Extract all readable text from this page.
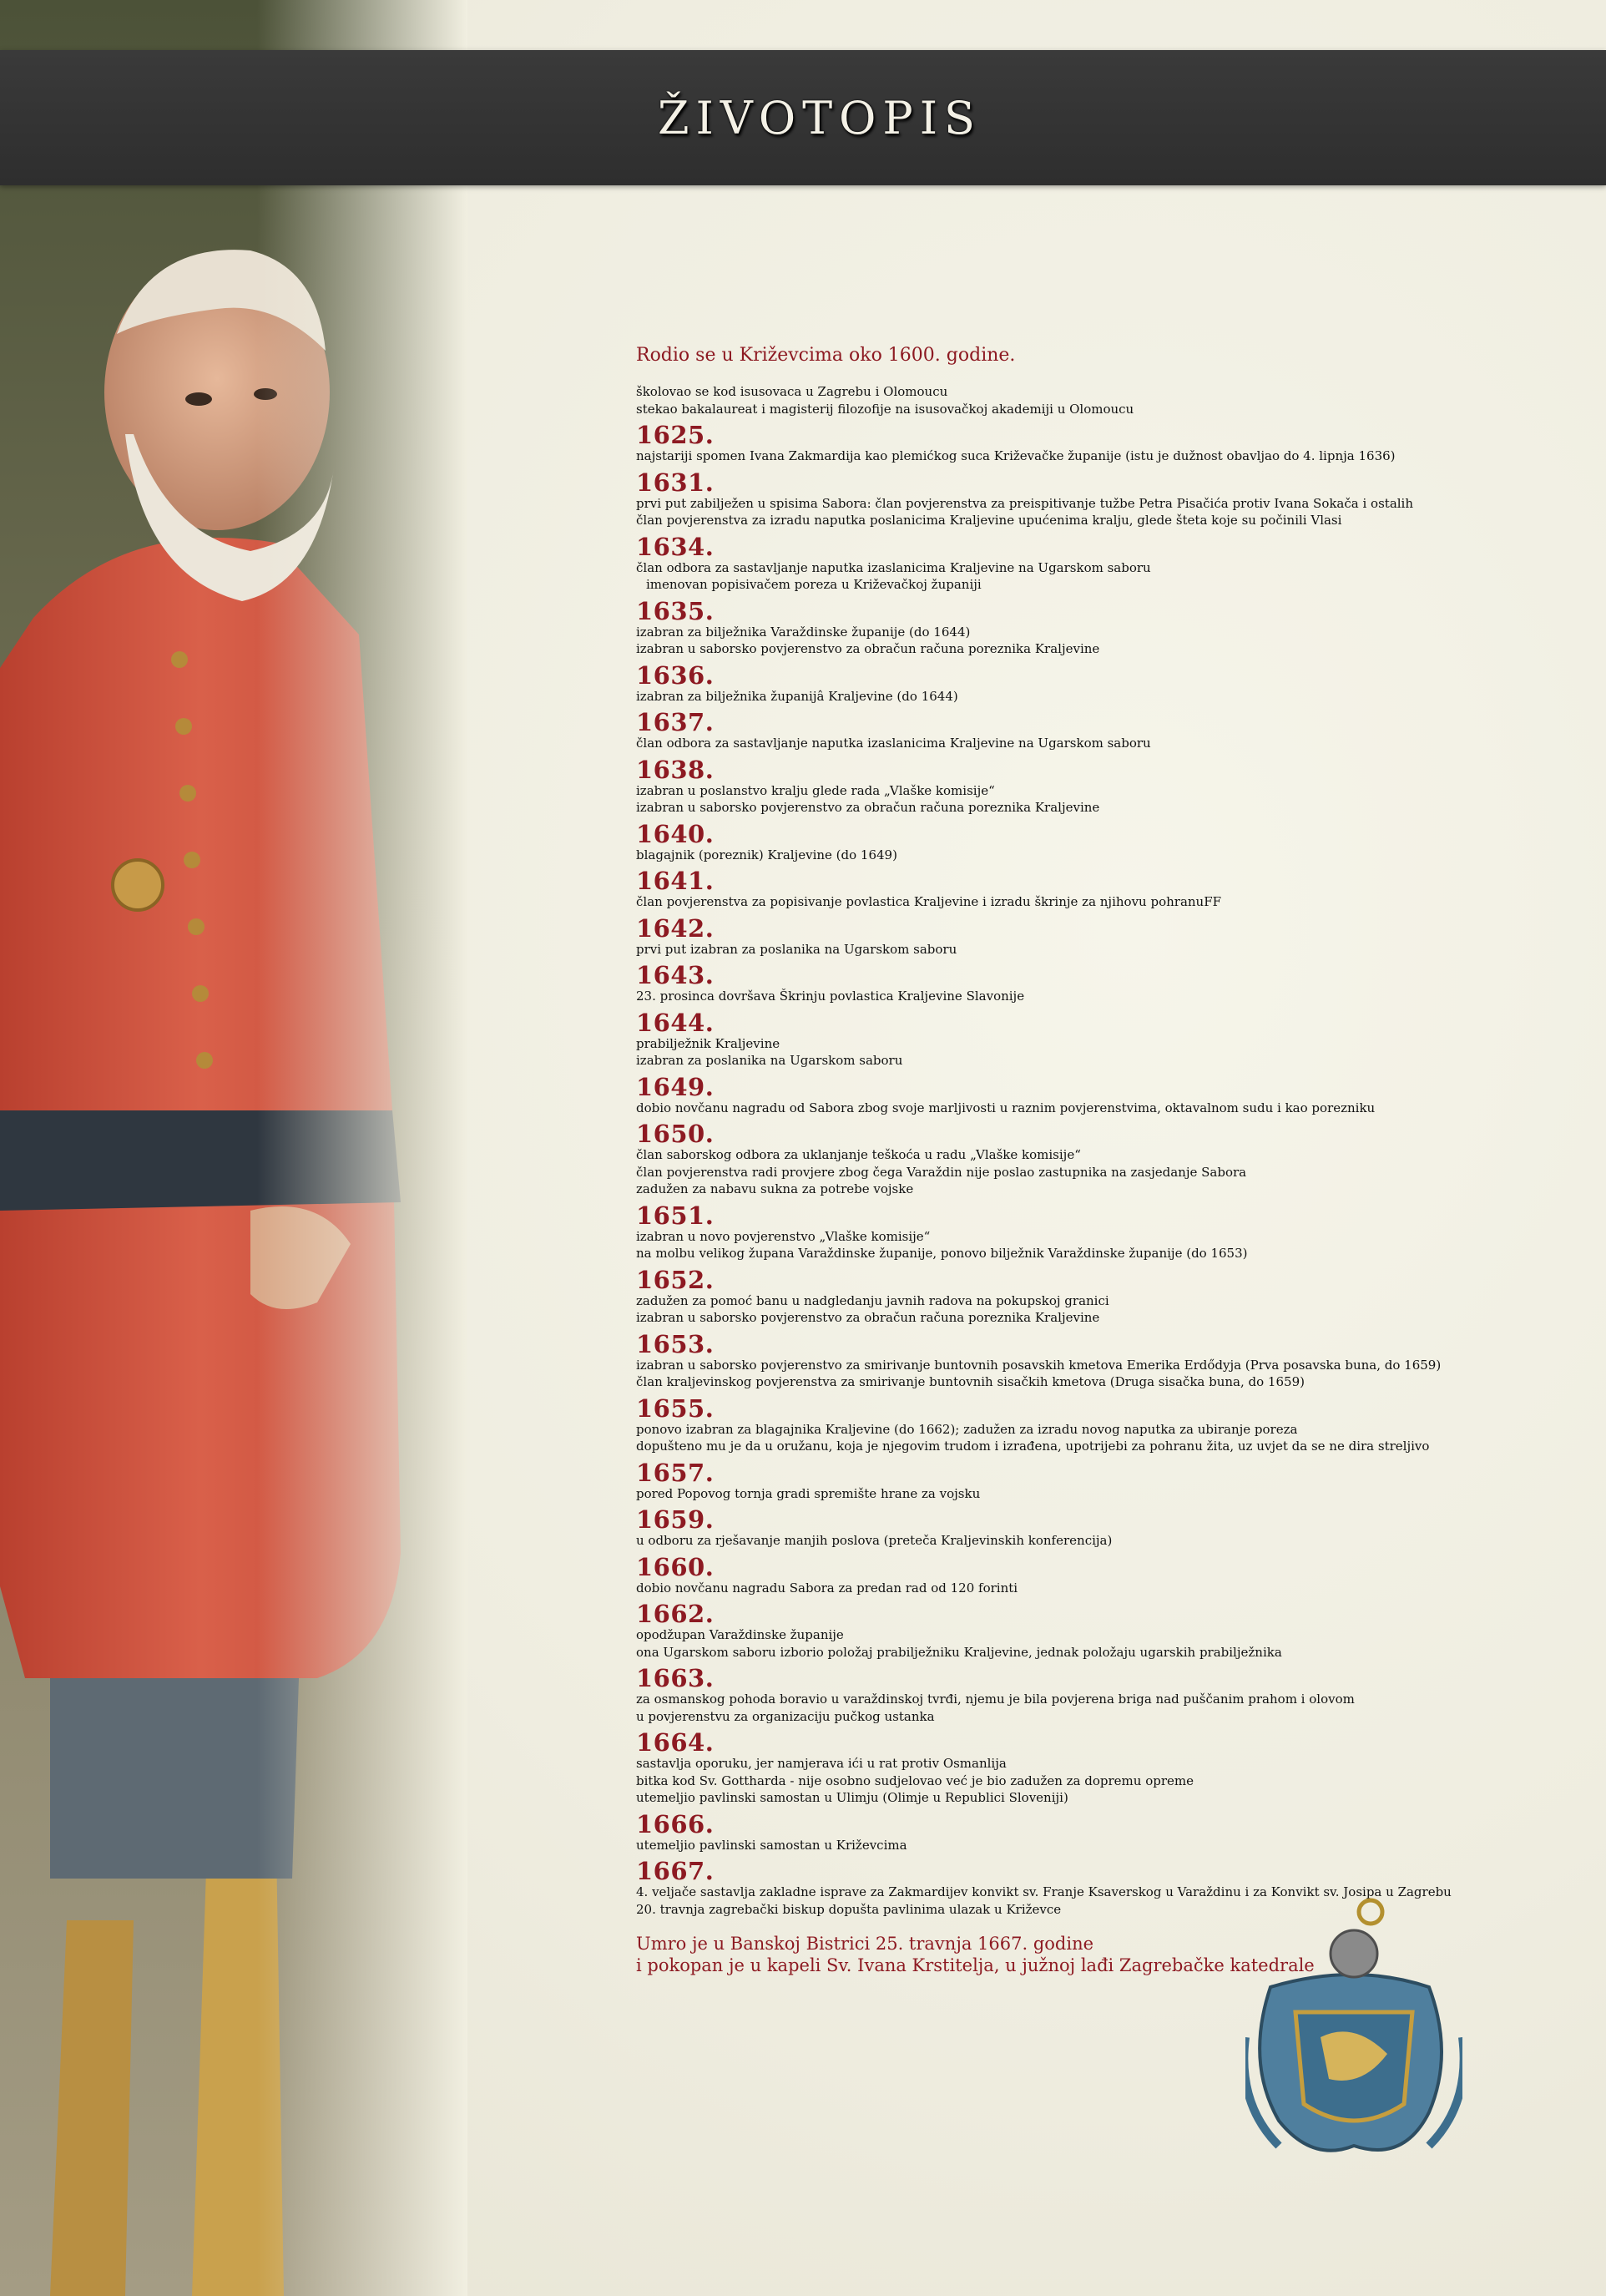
ŽIVOTOPIS
Rodio se u Križevcima oko 1600. godine.
školovao se kod isusovaca u Zagrebu i Olomoucu
stekao bakalaureat i magisterij filozofije na isusovačkoj akademiji u Olomoucu
1625.
najstariji spomen Ivana Zakmardija kao plemićkog suca Križevačke županije (istu je dužnost obavljao do 4. lipnja 1636)
1631.
prvi put zabilježen u spisima Sabora: član povjerenstva za preispitivanje tužbe Petra Pisačića protiv Ivana Sokača i ostalih
član povjerenstva za izradu naputka poslanicima Kraljevine upućenima kralju, glede šteta koje su počinili Vlasi
1634.
član odbora za sastavljanje naputka izaslanicima Kraljevine na Ugarskom saboru
imenovan popisivačem poreza u Križevačkoj županiji
1635.
izabran za bilježnika Varaždinske županije (do 1644)
izabran u saborsko povjerenstvo za obračun računa poreznika Kraljevine
1636.
izabran za bilježnika županijâ Kraljevine (do 1644)
1637.
član odbora za sastavljanje naputka izaslanicima Kraljevine na Ugarskom saboru
1638.
izabran u poslanstvo kralju glede rada „Vlaške komisije“
izabran u saborsko povjerenstvo za obračun računa poreznika Kraljevine
1640.
blagajnik (poreznik) Kraljevine (do 1649)
1641.
član povjerenstva za popisivanje povlastica Kraljevine i izradu škrinje za njihovu pohranuFF
1642.
prvi put izabran za poslanika na Ugarskom saboru
1643.
23. prosinca dovršava Škrinju povlastica Kraljevine Slavonije
1644.
prabilježnik Kraljevine
izabran za poslanika na Ugarskom saboru
1649.
dobio novčanu nagradu od Sabora zbog svoje marljivosti u raznim povjerenstvima, oktavalnom sudu i kao porezniku
1650.
član saborskog odbora za uklanjanje teškoća u radu „Vlaške komisije“
član povjerenstva radi provjere zbog čega Varaždin nije poslao zastupnika na zasjedanje Sabora
zadužen za nabavu sukna za potrebe vojske
1651.
izabran u novo povjerenstvo „Vlaške komisije“
na molbu velikog župana Varaždinske županije, ponovo bilježnik Varaždinske županije (do 1653)
1652.
zadužen za pomoć banu u nadgledanju javnih radova na pokupskoj granici
izabran u saborsko povjerenstvo za obračun računa poreznika Kraljevine
1653.
izabran u saborsko povjerenstvo za smirivanje buntovnih posavskih kmetova Emerika Erdődyja (Prva posavska buna, do 1659)
član kraljevinskog povjerenstva za smirivanje buntovnih sisačkih kmetova (Druga sisačka buna, do 1659)
1655.
ponovo izabran za blagajnika Kraljevine (do 1662); zadužen za izradu novog naputka za ubiranje poreza
dopušteno mu je da u oružanu, koja je njegovim trudom i izrađena, upotrijebi za pohranu žita, uz uvjet da se ne dira streljivo
1657.
pored Popovog tornja gradi spremište hrane za vojsku
1659.
u odboru za rješavanje manjih poslova (preteča Kraljevinskih konferencija)
1660.
dobio novčanu nagradu Sabora za predan rad od 120 forinti
1662.
opodžupan Varaždinske županije
ona Ugarskom saboru izborio položaj prabilježniku Kraljevine, jednak položaju ugarskih prabilježnika
1663.
za osmanskog pohoda boravio u varaždinskoj tvrđi, njemu je bila povjerena briga nad puščanim prahom i olovom
u povjerenstvu za organizaciju pučkog ustanka
1664.
sastavlja oporuku, jer namjerava ići u rat protiv Osmanlija
bitka kod Sv. Gottharda - nije osobno sudjelovao već je bio zadužen za dopremu opreme
utemeljio pavlinski samostan u Ulimju (Olimje u Republici Sloveniji)
1666.
utemeljio pavlinski samostan u Križevcima
1667.
4. veljače sastavlja zakladne isprave za Zakmardijev konvikt sv. Franje Ksaverskog u Varaždinu i za Konvikt sv. Josipa u Zagrebu
20. travnja zagrebački biskup dopušta pavlinima ulazak u Križevce
Umro je u Banskoj Bistrici 25. travnja 1667. godine
i pokopan je u kapeli Sv. Ivana Krstitelja, u južnoj lađi Zagrebačke katedrale
